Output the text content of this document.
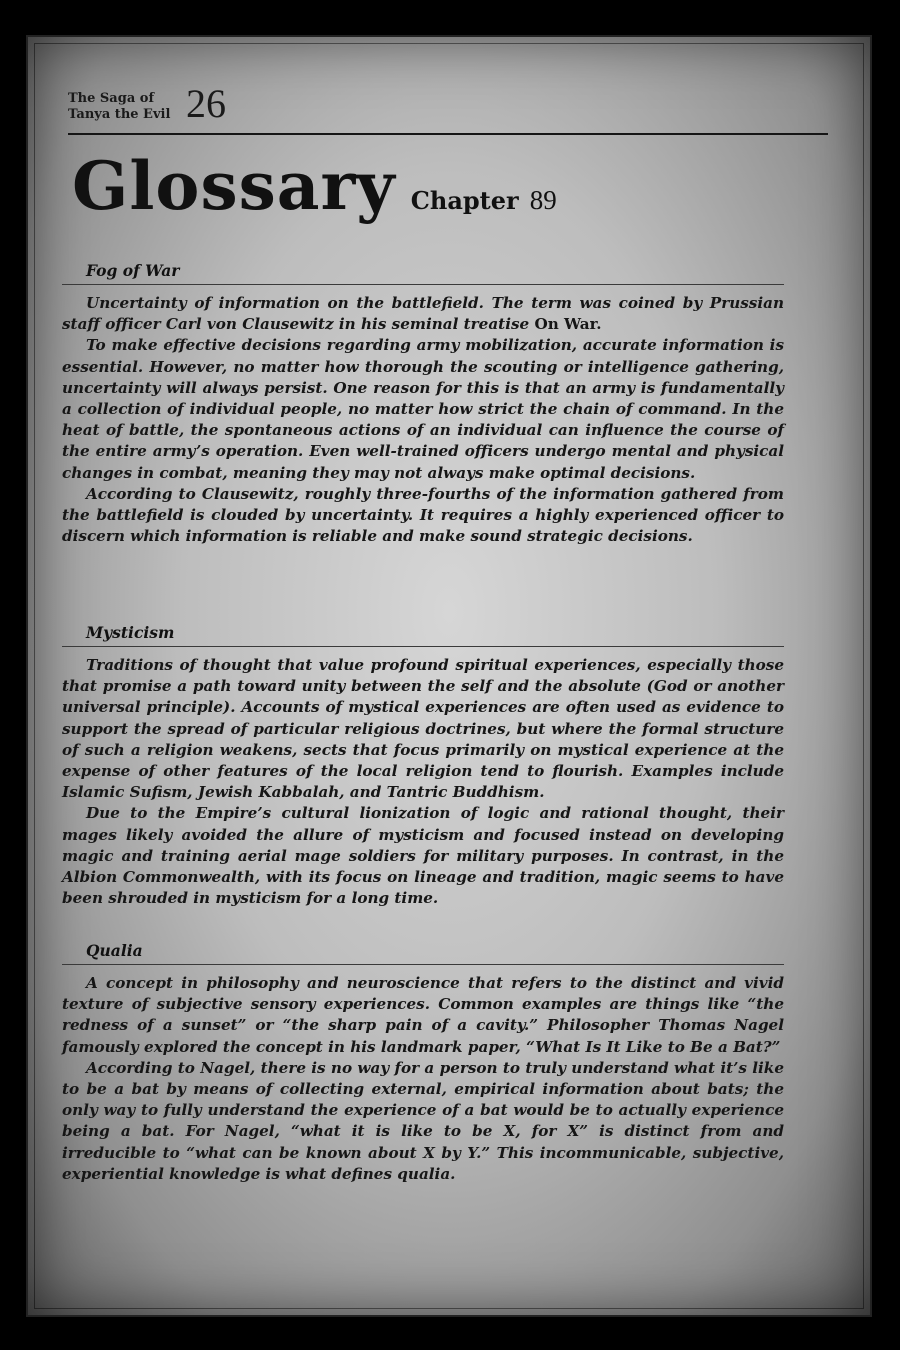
The Saga of
Tanya the Evil 26
Glossary Chapter 89
Fog of War

Uncertainty of information on the battlefield. The term was coined by Prussian staff officer Carl von Clausewitz in his seminal treatise On War.

To make effective decisions regarding army mobilization, accurate information is essential. However, no matter how thorough the scouting or intelligence gathering, uncertainty will always persist. One reason for this is that an army is fundamentally a collection of individual people, no matter how strict the chain of command. In the heat of battle, the spontaneous actions of an individual can influence the course of the entire army’s operation. Even well-trained officers undergo mental and physical changes in combat, meaning they may not always make optimal decisions.

According to Clausewitz, roughly three-fourths of the information gathered from the battlefield is clouded by uncertainty. It requires a highly experienced officer to discern which information is reliable and make sound strategic decisions.

Mysticism

Traditions of thought that value profound spiritual experiences, especially those that promise a path toward unity between the self and the absolute (God or another universal principle). Accounts of mystical experiences are often used as evidence to support the spread of particular religious doctrines, but where the formal structure of such a religion weakens, sects that focus primarily on mystical experience at the expense of other features of the local religion tend to flourish. Examples include Islamic Sufism, Jewish Kabbalah, and Tantric Buddhism.

Due to the Empire’s cultural lionization of logic and rational thought, their mages likely avoided the allure of mysticism and focused instead on developing magic and training aerial mage soldiers for military purposes. In contrast, in the Albion Commonwealth, with its focus on lineage and tradition, magic seems to have been shrouded in mysticism for a long time.

Qualia

A concept in philosophy and neuroscience that refers to the distinct and vivid texture of subjective sensory experiences. Common examples are things like “the redness of a sunset” or “the sharp pain of a cavity.” Philosopher Thomas Nagel famously explored the concept in his landmark paper, “What Is It Like to Be a Bat?”

According to Nagel, there is no way for a person to truly understand what it’s like to be a bat by means of collecting external, empirical information about bats; the only way to fully understand the experience of a bat would be to actually experience being a bat. For Nagel, “what it is like to be X, for X” is distinct from and irreducible to “what can be known about X by Y.” This incommunicable, subjective, experiential knowledge is what defines qualia.
